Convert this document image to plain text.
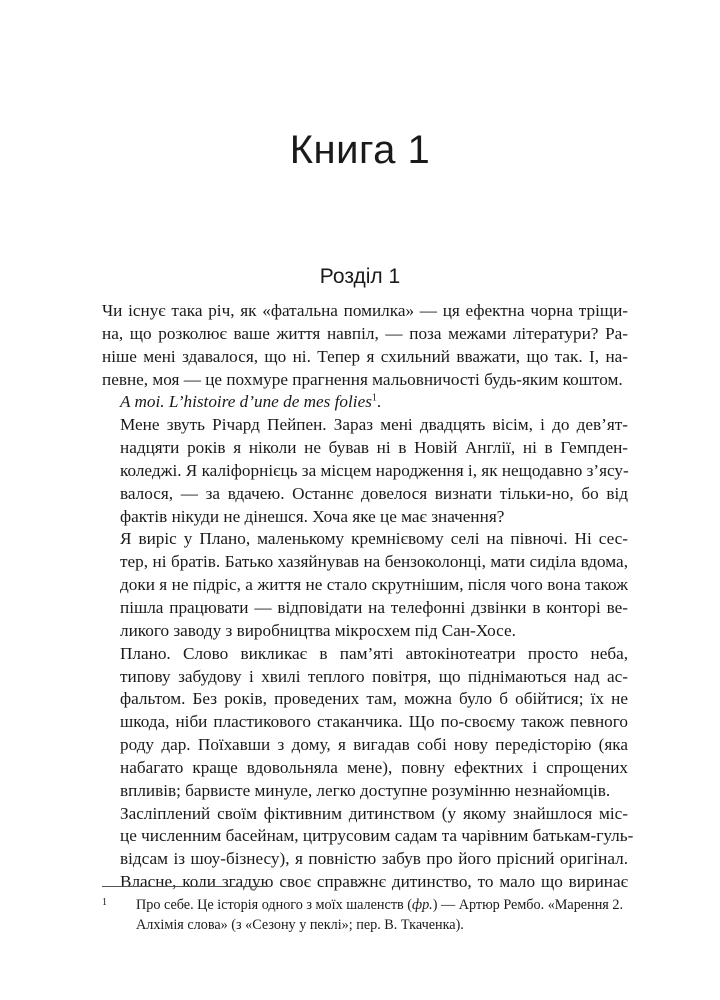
Книга 1
Розділ 1

Чи існує така річ, як «фатальна помилка» — ця ефектна чорна трiщи-
на, що розколює ваше життя навпіл, — поза межами літератури? Ра-
ніше мені здавалося, що ні. Тепер я схильний вважати, що так. I, на-
певне, моя — це похмуре прагнення мальовничості будь-яким коштом.

A moi. L’histoire d’une de mes folies$^1$.

Мене звуть Річард Пейпен. Зараз мені двадцять вісім, і до дев’ят-
надцяти років я ніколи не бував ні в Новій Англії, ні в Гемпден-
коледжі. Я каліфорнієць за місцем народження і, як нещодавно з’ясу-
валося, — за вдачею. Останнє довелося визнати тільки-но, бо від
фактів нікуди не дінешся. Хоча яке це має значення?

Я виріс у Плано, маленькому кремнієвому селі на півночі. Ні сес-
тер, ні братів. Батько хазяйнував на бензоколонці, мати сиділа вдома,
доки я не підріс, а життя не стало скрутнішим, після чого вона також
пішла працювати — відповідати на телефонні дзвінки в конторі ве-
ликого заводу з виробництва мікросхем під Сан-Хосе.

Плано. Слово викликає в пам’яті автокінотеатри просто неба,
типову забудову і хвилі теплого повітря, що піднімаються над ас-
фальтом. Без років, проведених там, можна було б обійтися; їх не
шкода, ніби пластикового стаканчика. Що по-своєму також певного
роду дар. Поїхавши з дому, я вигадав собі нову передісторію (яка
набагато краще вдовольняла мене), повну ефектних і спрощених
впливів; барвисте минуле, легко доступне розумінню незнайомців.

Засліплений своїм фіктивним дитинством (у якому знайшлося міс-
це численним басейнам, цитрусовим садам та чарівним батькам-гуль-
відсам із шоу-бізнесу), я повністю забув про його прісний оригінал.
Власне, коли згадую своє справжнє дитинство, то мало що виринає

1 Про себе. Це історія одного з моїх шаленств (фр.) — Артюр Рембо. «Марення 2.
Алхімія слова» (з «Сезону у пеклі»; пер. В. Ткаченка).
